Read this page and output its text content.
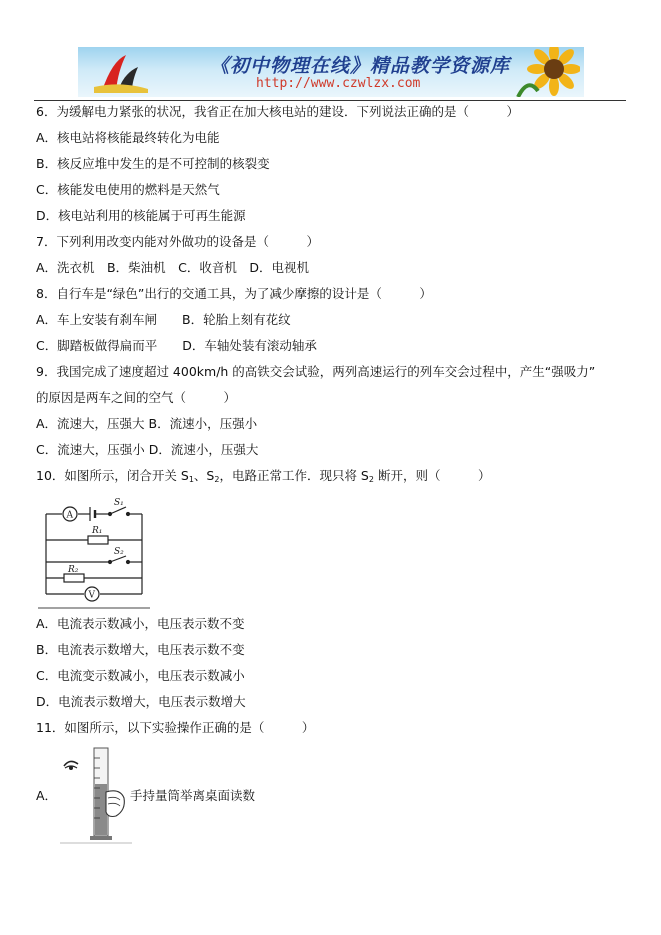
《初中物理在线》精品教学资源库
http://www.czwlzx.com
6．为缓解电力紧张的状况，我省正在加大核电站的建设．下列说法正确的是（　　　）
A．核电站将核能最终转化为电能
B．核反应堆中发生的是不可控制的核裂变
C．核能发电使用的燃料是天然气
D．核电站利用的核能属于可再生能源
7．下列利用改变内能对外做功的设备是（　　　）
A．洗衣机　B．柴油机　C．收音机　D．电视机
8．自行车是“绿色”出行的交通工具，为了减少摩擦的设计是（　　　）
A．车上安装有刹车闸　　B．轮胎上刻有花纹
C．脚踏板做得扁而平　　D．车轴处装有滚动轴承
9．我国完成了速度超过 400km/h 的高铁交会试验，两列高速运行的列车交会过程中，产生“强吸力”
的原因是两车之间的空气（　　　）
A．流速大，压强大 B．流速小，压强小
C．流速大，压强小 D．流速小，压强大
10．如图所示，闭合开关 $S_1$、$S_2$，电路正常工作．现只将 $S_2$ 断开，则（　　　）
A
V
S₁
R₁
S₂
R₂
A．电流表示数减小，电压表示数不变
B．电流表示数增大，电压表示数不变
C．电流变示数减小，电压表示数减小
D．电流表示数增大，电压表示数增大
11．如图所示，以下实验操作正确的是（　　　）
A．	手持量筒举离桌面读数
